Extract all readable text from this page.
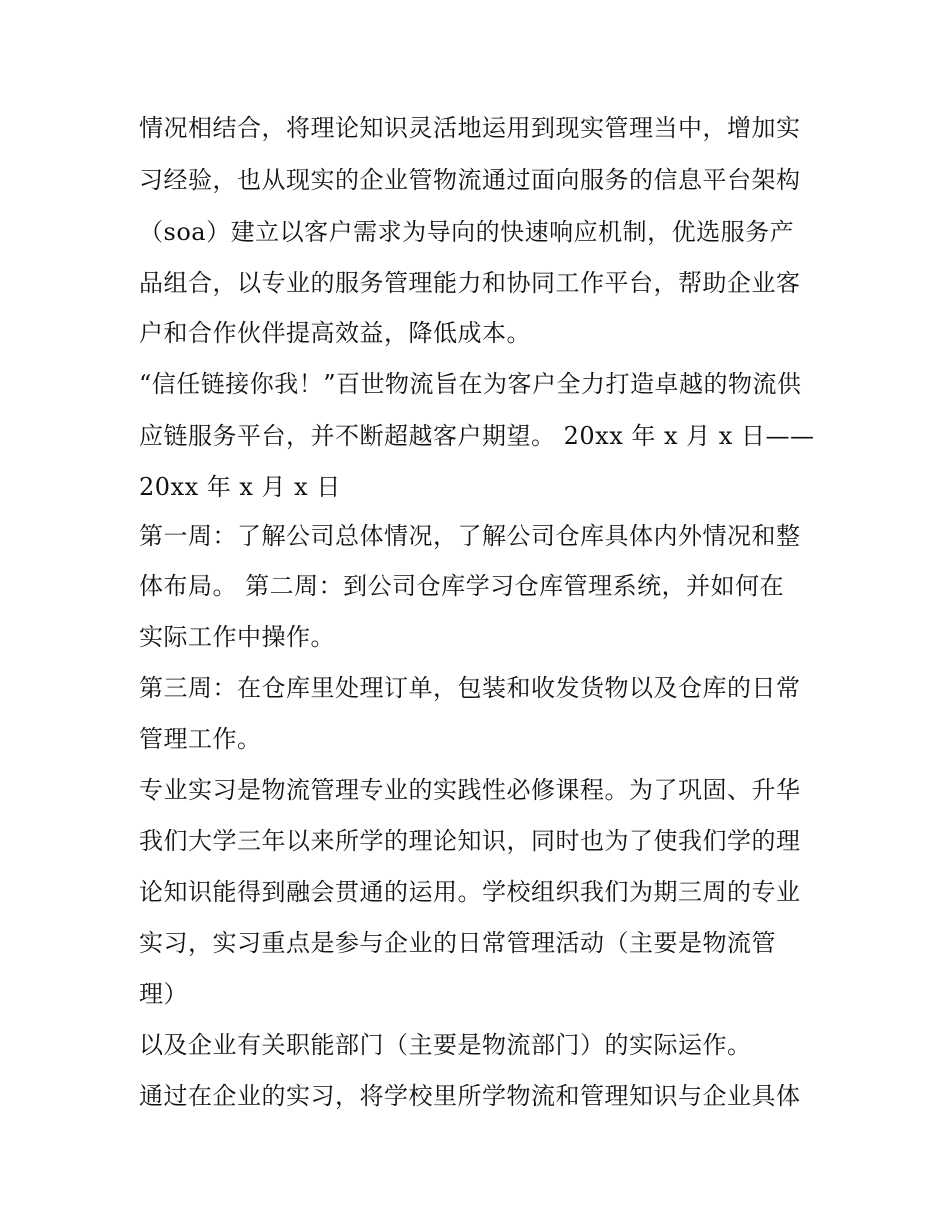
情况相结合，将理论知识灵活地运用到现实管理当中，增加实
习经验，也从现实的企业管物流通过面向服务的信息平台架构
（soa）建立以客户需求为导向的快速响应机制，优选服务产
品组合，以专业的服务管理能力和协同工作平台，帮助企业客
户和合作伙伴提高效益，降低成本。
“信任链接你我！”百世物流旨在为客户全力打造卓越的物流供
应链服务平台，并不断超越客户期望。 20xx 年 x 月 x 日——
20xx 年 x 月 x 日
第一周：了解公司总体情况，了解公司仓库具体内外情况和整
体布局。 第二周：到公司仓库学习仓库管理系统，并如何在
实际工作中操作。
第三周：在仓库里处理订单，包装和收发货物以及仓库的日常
管理工作。
专业实习是物流管理专业的实践性必修课程。为了巩固、升华
我们大学三年以来所学的理论知识，同时也为了使我们学的理
论知识能得到融会贯通的运用。学校组织我们为期三周的专业
实习，实习重点是参与企业的日常管理活动（主要是物流管
理）
以及企业有关职能部门（主要是物流部门）的实际运作。
通过在企业的实习，将学校里所学物流和管理知识与企业具体
